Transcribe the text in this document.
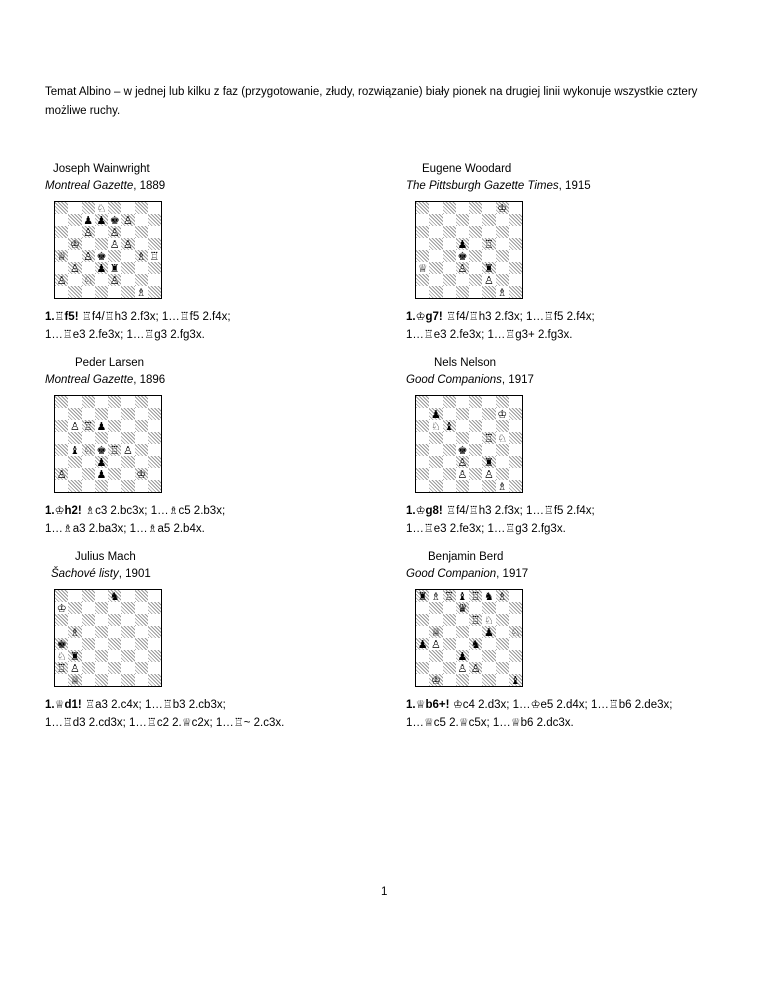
Temat Albino – w jednej lub kilku z faz (przygotowanie, złudy, rozwiązanie) biały pionek na drugiej linii wykonuje wszystkie cztery możliwe ruchy.
Joseph Wainwright
Montreal Gazette, 1889
♘
♟ ♟ ♚ ♙
♙ ♙
♔	♙ ♙
♕ ♙ ♚	♗ ♖
♙ ♟ ♜
♙ ♘ ♙
♗
1.♖f5! ♖f4/♖h3 2.f3x; 1…♖f5 2.f4x;
1…♖e3 2.fe3x; 1…♖g3 2.fg3x.
Eugene Woodard
The Pittsburgh Gazette Times, 1915
♔
♟ ♖
♚
♕	♙ ♜
♙
♗
1.♔g7! ♖f4/♖h3 2.f3x; 1…♖f5 2.f4x;
1…♖e3 2.fe3x; 1…♖g3+ 2.fg3x.
Peder Larsen
Montreal Gazette, 1896
♙ ♖ ♟
♝ ♘ ♚ ♖ ♙
♟
♙	♟	♔
1.♔h2! ♗c3 2.bc3x; 1…♗c5 2.b3x;
1…♗a3 2.ba3x; 1…♗a5 2.b4x.
Nels Nelson
Good Companions, 1917
♟	♔
♘ ♝
♖ ♘
♚
♙ ♜
♙ ♙
♗
1.♔g8! ♖f4/♖h3 2.f3x; 1…♖f5 2.f4x;
1…♖e3 2.fe3x; 1…♖g3 2.fg3x.
Julius Mach
Šachové listy, 1901
♞
♔
♗
♚
♘ ♜
♖ ♙
♕
1.♕d1! ♖a3 2.c4x; 1…♖b3 2.cb3x;
1…♖d3 2.cd3x; 1…♖c2 2.♕c2x; 1…♖~ 2.c3x.
Benjamin Berd
Good Companion, 1917
♜ ♗ ♖ ♝ ♖ ♞ ♗
♛
♖ ♘
♕	♟ ♘
♟ ♙	♞
♟
♙ ♙
♔	♝
1.♕b6+! ♔c4 2.d3x; 1…♔e5 2.d4x; 1…♖b6 2.de3x;
1…♕c5 2.♕c5x; 1…♕b6 2.dc3x.
1
